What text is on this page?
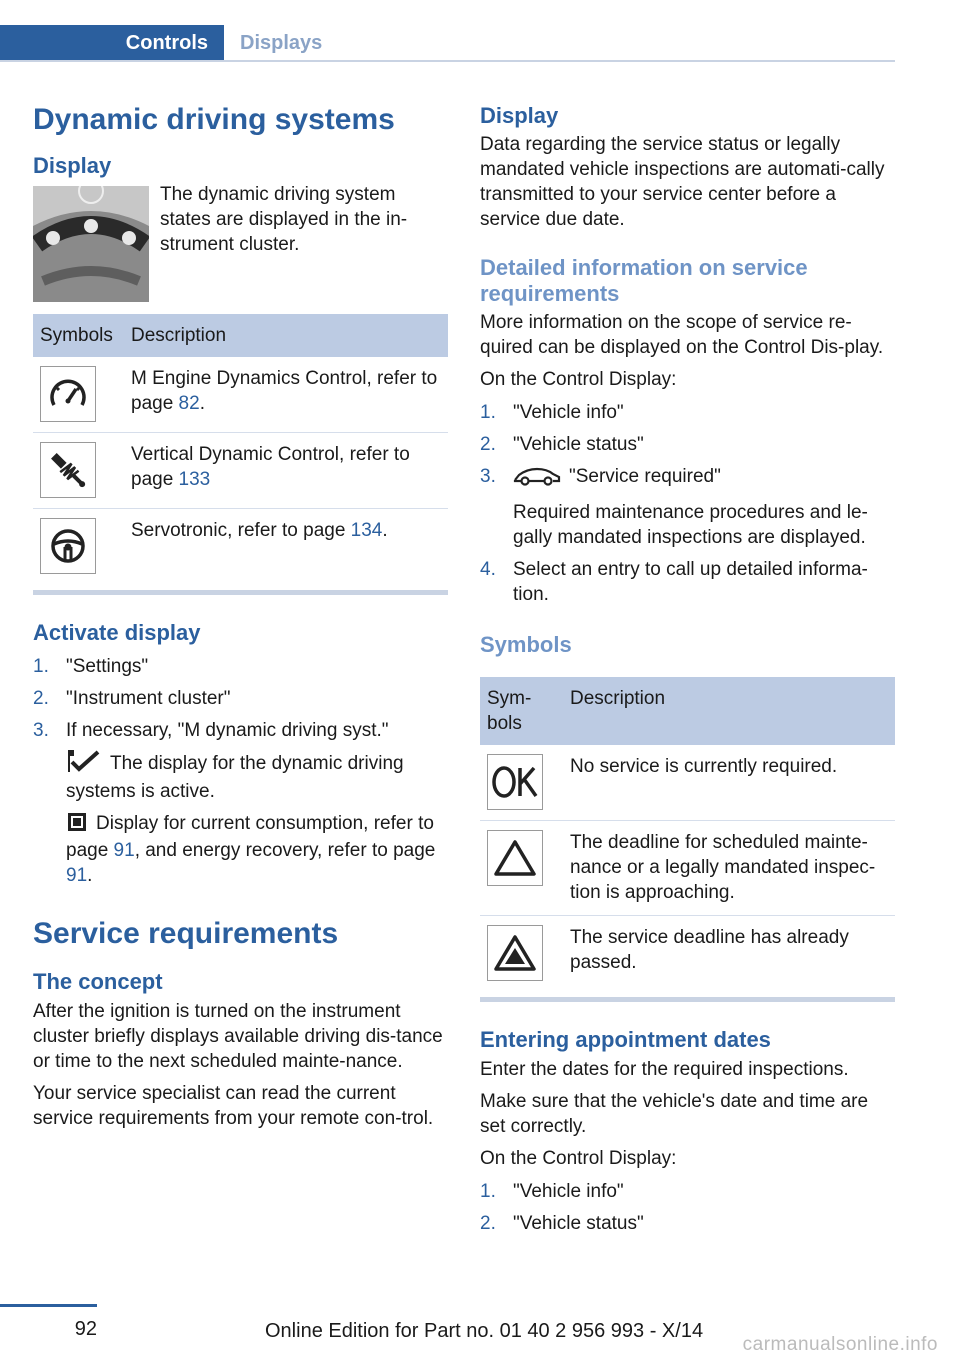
Controls Displays
Dynamic driving systems
Display
The dynamic driving system states are displayed in the in-strument cluster.
Symbols	Description

	M Engine Dynamics Control, refer to page 82.

	Vertical Dynamic Control, refer to page 133

	Servotronic, refer to page 134.
Activate display
1. "Settings"
2. "Instrument cluster"
3. If necessary, "M dynamic driving syst."
The display for the dynamic driving systems is active.
Display for current consumption, refer to page 91, and energy recovery, refer to page 91.
Service requirements
The concept
After the ignition is turned on the instrument cluster briefly displays available driving dis-tance or time to the next scheduled mainte-nance.
Your service specialist can read the current service requirements from your remote con-trol.
Display
Data regarding the service status or legally mandated vehicle inspections are automati-cally transmitted to your service center before a service due date.
Detailed information on service requirements
More information on the scope of service re-quired can be displayed on the Control Dis-play.
On the Control Display:
1. "Vehicle info"
2. "Vehicle status"
3.	"Service required"
Required maintenance procedures and le-gally mandated inspections are displayed.
4. Select an entry to call up detailed informa-tion.
Symbols
Sym-bols	Description

	No service is currently required.

	The deadline for scheduled mainte-nance or a legally mandated inspec-tion is approaching.

	The service deadline has already passed.
Entering appointment dates
Enter the dates for the required inspections.
Make sure that the vehicle's date and time are set correctly.
On the Control Display:
1. "Vehicle info"
2. "Vehicle status"
92	Online Edition for Part no. 01 40 2 956 993 - X/14
carmanualsonline.info
